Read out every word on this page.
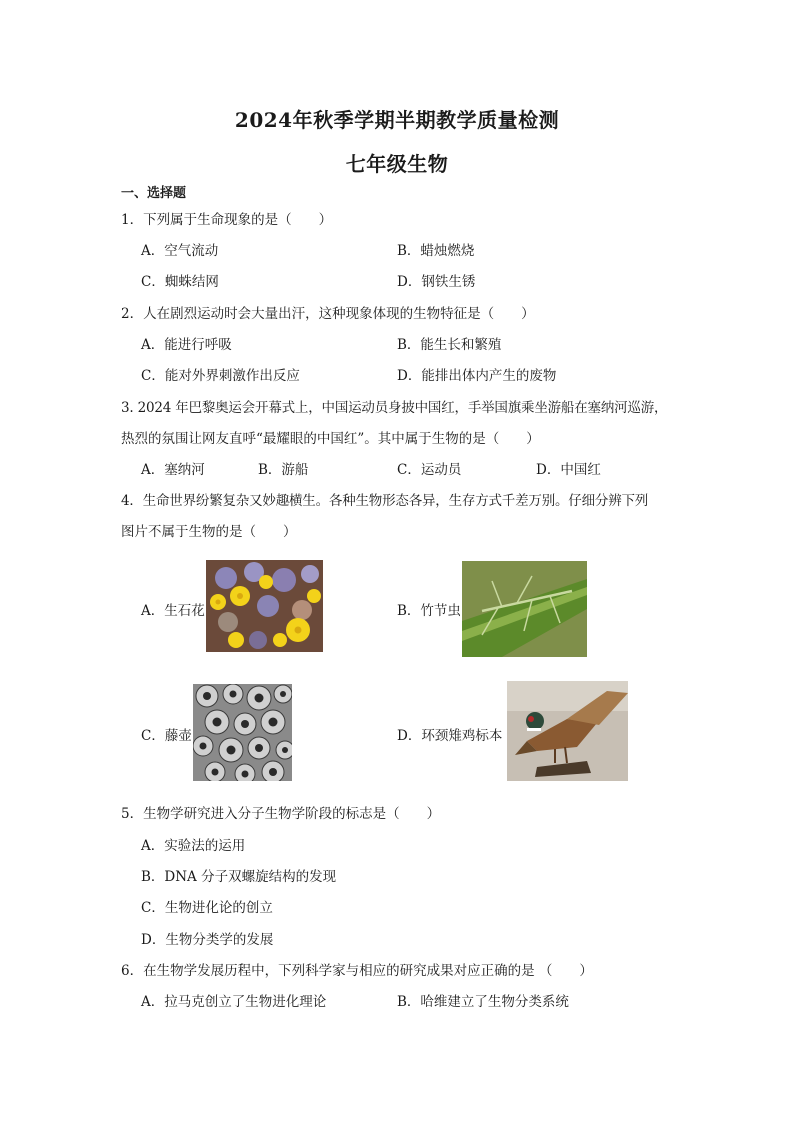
2024年秋季学期半期教学质量检测
七年级生物
一、选择题
1．下列属于生命现象的是（　　）
A．空气流动	B．蜡烛燃烧
C．蜘蛛结网	D．钢铁生锈
2．人在剧烈运动时会大量出汗，这种现象体现的生物特征是（　　）
A．能进行呼吸	B．能生长和繁殖
C．能对外界刺激作出反应	D．能排出体内产生的废物
3. 2024 年巴黎奥运会开幕式上，中国运动员身披中国红，手举国旗乘坐游船在塞纳河巡游，
热烈的氛围让网友直呼“最耀眼的中国红”。其中属于生物的是（　　）
A．塞纳河	B．游船	C．运动员	D．中国红
4．生命世界纷繁复杂又妙趣横生。各种生物形态各异，生存方式千差万别。仔细分辨下列
图片不属于生物的是（　　）
A．生石花	B．竹节虫
C．藤壶	D．环颈雉鸡标本
5．生物学研究进入分子生物学阶段的标志是（　　）
A．实验法的运用
B．DNA 分子双螺旋结构的发现
C．生物进化论的创立
D．生物分类学的发展
6．在生物学发展历程中，下列科学家与相应的研究成果对应正确的是 （　　）
A．拉马克创立了生物进化理论	B．哈维建立了生物分类系统
